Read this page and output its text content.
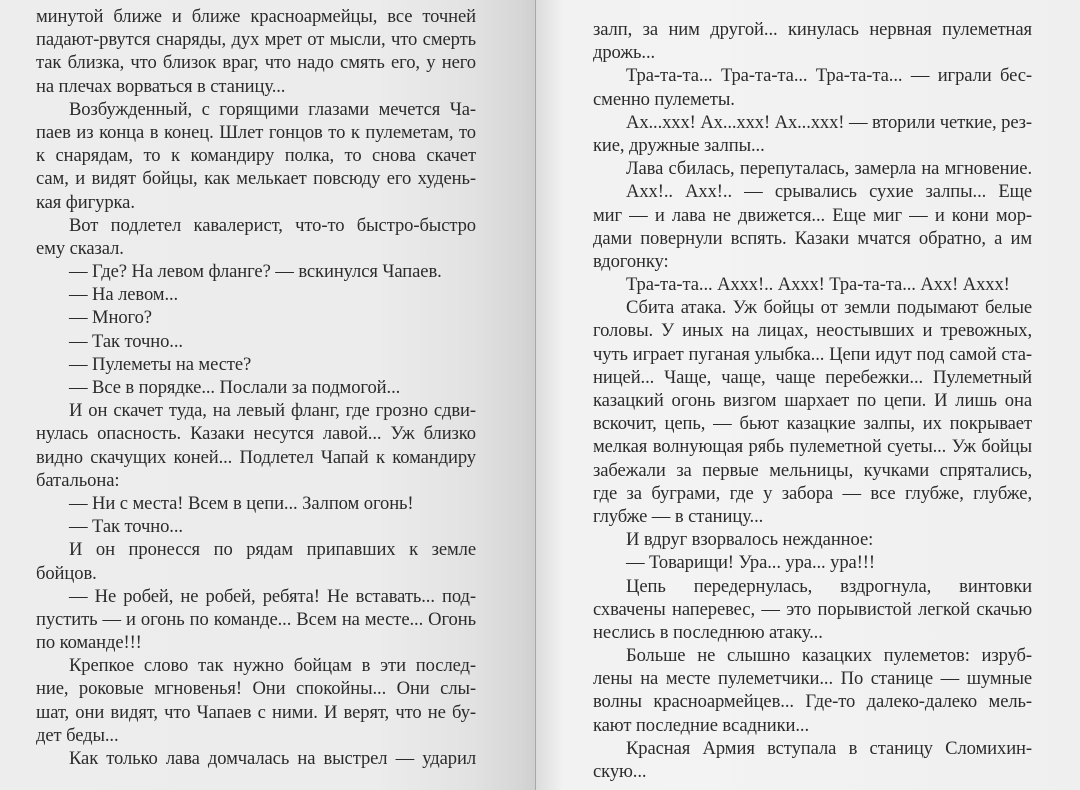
минутой ближе и ближе красноармейцы, все точней
падают-рвутся снаряды, дух мрет от мысли, что смерть
так близка, что близок враг, что надо смять его, у него
на плечах ворваться в станицу...
Возбужденный, с горящими глазами мечется Ча-
паев из конца в конец. Шлет гонцов то к пулеметам, то
к снарядам, то к командиру полка, то снова скачет
сам, и видят бойцы, как мелькает повсюду его худень-
кая фигурка.
Вот подлетел кавалерист, что-то быстро-быстро
ему сказал.
— Где? На левом фланге? — вскинулся Чапаев.
— На левом...
— Много?
— Так точно...
— Пулеметы на месте?
— Все в порядке... Послали за подмогой...
И он скачет туда, на левый фланг, где грозно сдви-
нулась опасность. Казаки несутся лавой... Уж близко
видно скачущих коней... Подлетел Чапай к командиру
батальона:
— Ни с места! Всем в цепи... Залпом огонь!
— Так точно...
И он пронесся по рядам припавших к земле
бойцов.
— Не робей, не робей, ребята! Не вставать... под-
пустить — и огонь по команде... Всем на месте... Огонь
по команде!!!
Крепкое слово так нужно бойцам в эти послед-
ние, роковые мгновенья! Они спокойны... Они слы-
шат, они видят, что Чапаев с ними. И верят, что не бу-
дет беды...
Как только лава домчалась на выстрел — ударил
залп, за ним другой... кинулась нервная пулеметная
дрожь...
Тра-та-та... Тра-та-та... Тра-та-та... — играли бес-
сменно пулеметы.
Ах...ххх! Ах...ххх! Ах...ххх! — вторили четкие, рез-
кие, дружные залпы...
Лава сбилась, перепуталась, замерла на мгновение.
Ахх!.. Ахх!.. — срывались сухие залпы... Еще
миг — и лава не движется... Еще миг — и кони мор-
дами повернули вспять. Казаки мчатся обратно, а им
вдогонку:
Тра-та-та... Аххх!.. Аххх! Тра-та-та... Ахх! Аххх!
Сбита атака. Уж бойцы от земли подымают белые
головы. У иных на лицах, неостывших и тревожных,
чуть играет пуганая улыбка... Цепи идут под самой ста-
ницей... Чаще, чаще, чаще перебежки... Пулеметный
казацкий огонь визгом шархает по цепи. И лишь она
вскочит, цепь, — бьют казацкие залпы, их покрывает
мелкая волнующая рябь пулеметной суеты... Уж бойцы
забежали за первые мельницы, кучками спрятались,
где за буграми, где у забора — все глубже, глубже,
глубже — в станицу...
И вдруг взорвалось нежданное:
— Товарищи! Ура... ура... ура!!!
Цепь передернулась, вздрогнула, винтовки
схвачены наперевес, — это порывистой легкой скачью
неслись в последнюю атаку...
Больше не слышно казацких пулеметов: изруб-
лены на месте пулеметчики... По станице — шумные
волны красноармейцев... Где-то далеко-далеко мель-
кают последние всадники...
Красная Армия вступала в станицу Сломихин-
скую...
